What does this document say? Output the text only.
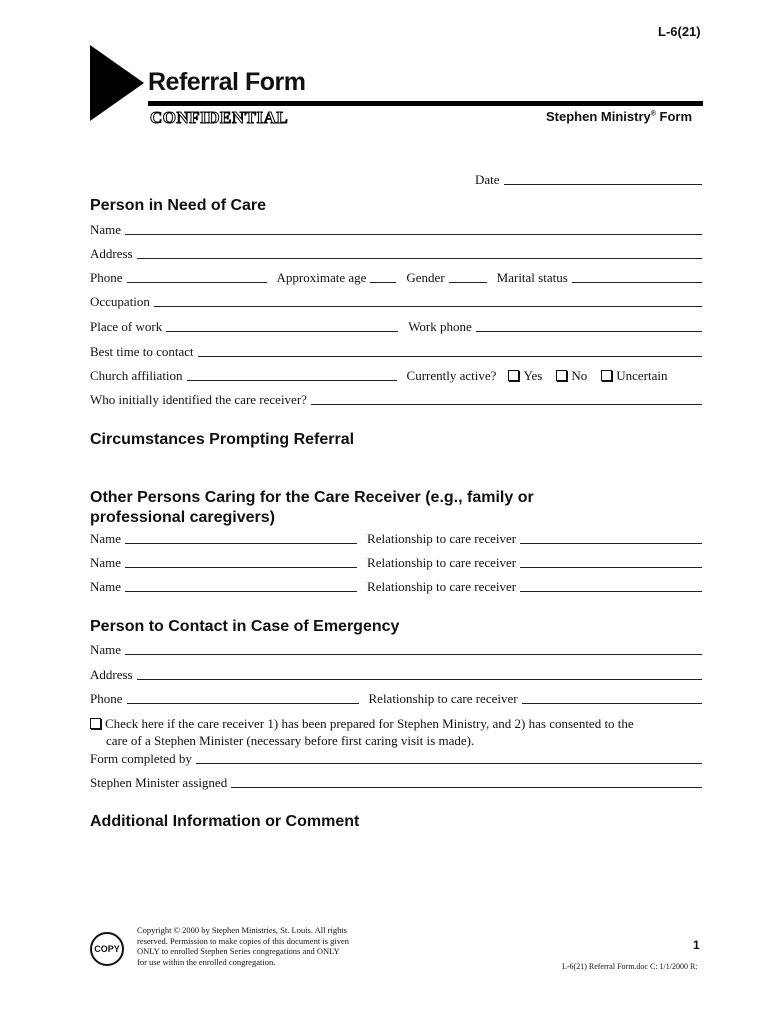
L-6(21)
Referral Form
CONFIDENTIAL	Stephen Ministry® Form
Date
Person in Need of Care
Name
Address
Phone	Approximate age	Gender	Marital status
Occupation
Place of work	Work phone
Best time to contact
Church affiliation	Currently active?	Yes	No	Uncertain
Who initially identified the care receiver?
Circumstances Prompting Referral
Other Persons Caring for the Care Receiver (e.g., family or
professional caregivers)
Name	Relationship to care receiver
Name	Relationship to care receiver
Name	Relationship to care receiver
Person to Contact in Case of Emergency
Name
Address
Phone	Relationship to care receiver
Check here if the care receiver 1) has been prepared for Stephen Ministry, and 2) has consented to the
care of a Stephen Minister (necessary before first caring visit is made).
Form completed by
Stephen Minister assigned
Additional Information or Comment
COPY
Copyright © 2000 by Stephen Ministries, St. Louis. All rights
reserved. Permission to make copies of this document is given
ONLY to enrolled Stephen Series congregations and ONLY
for use within the enrolled congregation.
1
L-6(21) Referral Form.doc C: 1/1/2000 R:
